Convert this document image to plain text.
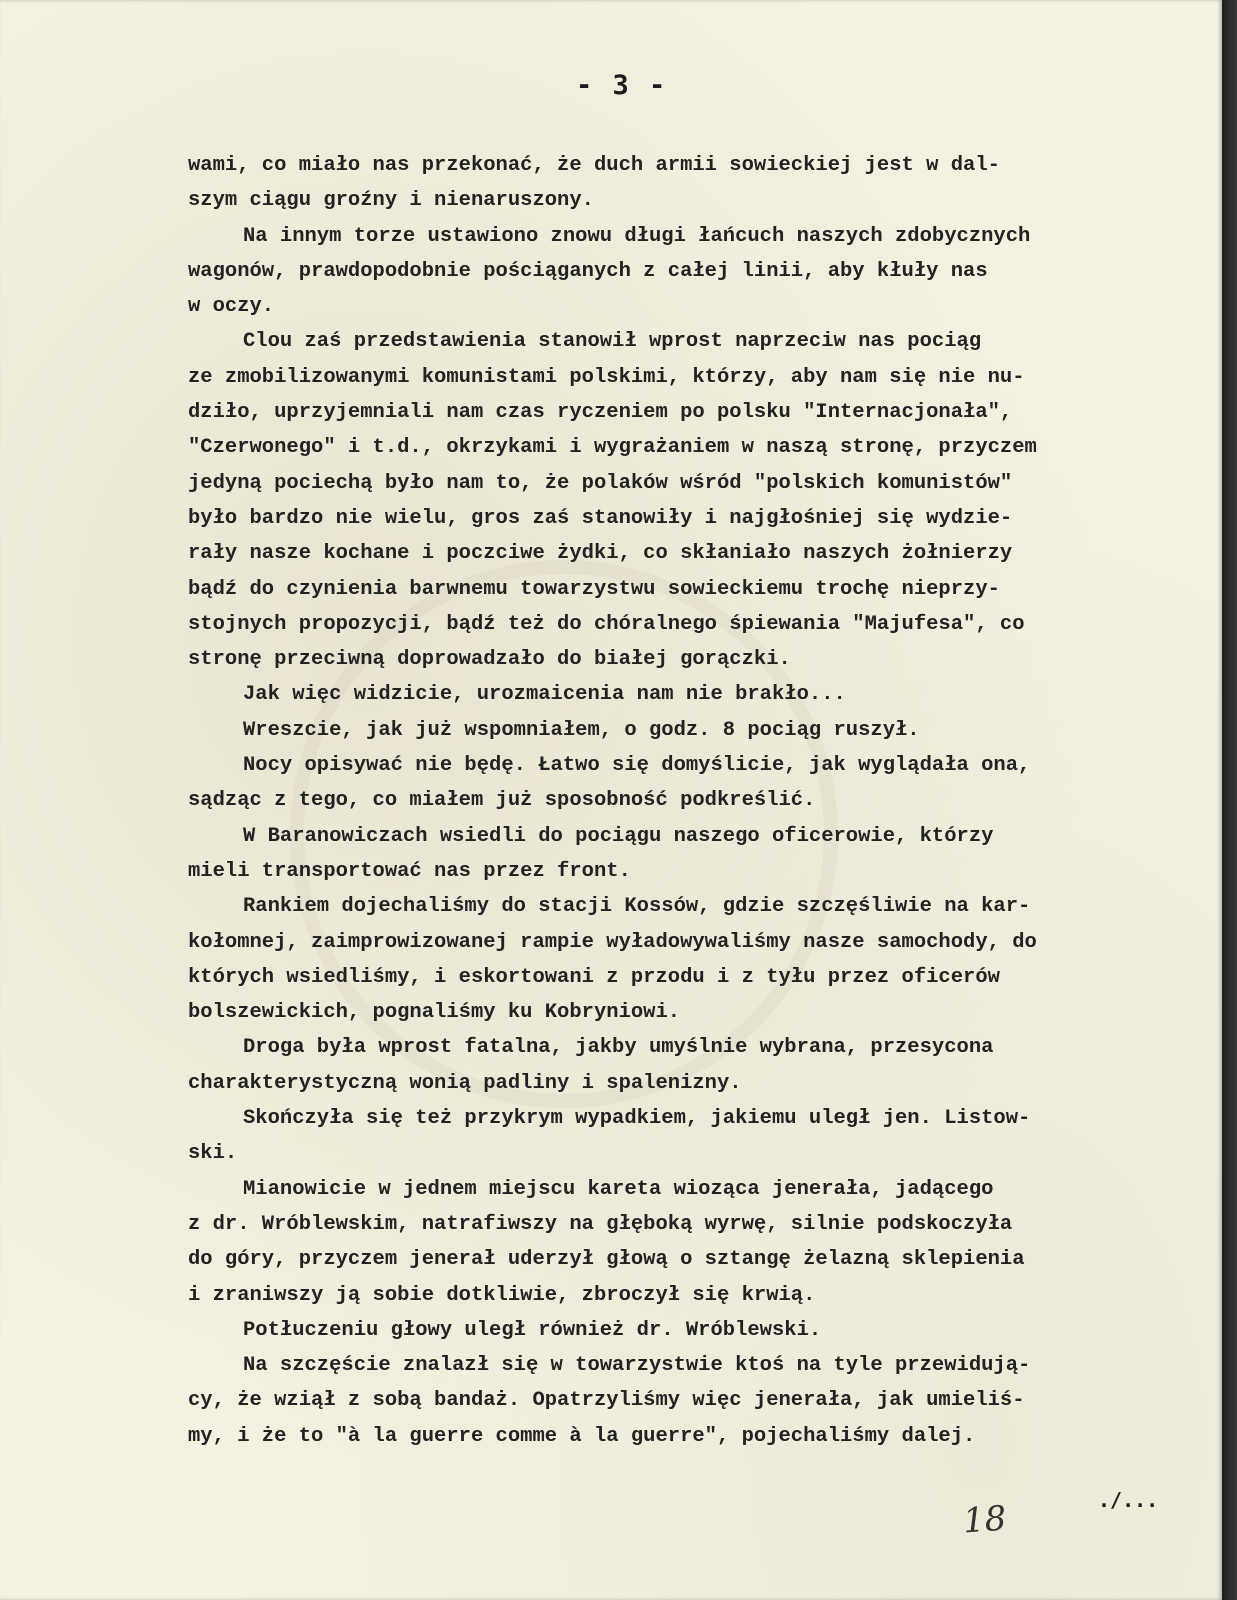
- 3 -
wami, co miało nas przekonać, że duch armii sowieckiej jest w dal-
szym ciągu groźny i nienaruszony.
Na innym torze ustawiono znowu długi łańcuch naszych zdobycznych
wagonów, prawdopodobnie pościąganych z całej linii, aby kłuły nas
w oczy.
Clou zaś przedstawienia stanowił wprost naprzeciw nas pociąg
ze zmobilizowanymi komunistami polskimi, którzy, aby nam się nie nu-
dziło, uprzyjemniali nam czas ryczeniem po polsku "Internacjonała",
"Czerwonego" i t.d., okrzykami i wygrażaniem w naszą stronę, przyczem
jedyną pociechą było nam to, że polaków wśród "polskich komunistów"
było bardzo nie wielu, gros zaś stanowiły i najgłośniej się wydzie-
rały nasze kochane i poczciwe żydki, co skłaniało naszych żołnierzy
bądź do czynienia barwnemu towarzystwu sowieckiemu trochę nieprzy-
stojnych propozycji, bądź też do chóralnego śpiewania "Majufesa", co
stronę przeciwną doprowadzało do białej gorączki.
Jak więc widzicie, urozmaicenia nam nie brakło...
Wreszcie, jak już wspomniałem, o godz. 8 pociąg ruszył.
Nocy opisywać nie będę. Łatwo się domyślicie, jak wyglądała ona,
sądząc z tego, co miałem już sposobność podkreślić.
W Baranowiczach wsiedli do pociągu naszego oficerowie, którzy
mieli transportować nas przez front.
Rankiem dojechaliśmy do stacji Kossów, gdzie szczęśliwie na kar-
kołomnej, zaimprowizowanej rampie wyładowywaliśmy nasze samochody, do
których wsiedliśmy, i eskortowani z przodu i z tyłu przez oficerów
bolszewickich, pognaliśmy ku Kobryniowi.
Droga była wprost fatalna, jakby umyślnie wybrana, przesycona
charakterystyczną wonią padliny i spalenizny.
Skończyła się też przykrym wypadkiem, jakiemu uległ jen. Listow-
ski.
Mianowicie w jednem miejscu kareta wioząca jenerała, jadącego
z dr. Wróblewskim, natrafiwszy na głęboką wyrwę, silnie podskoczyła
do góry, przyczem jenerał uderzył głową o sztangę żelazną sklepienia
i zraniwszy ją sobie dotkliwie, zbroczył się krwią.
Potłuczeniu głowy uległ również dr. Wróblewski.
Na szczęście znalazł się w towarzystwie ktoś na tyle przewidują-
cy, że wziął z sobą bandaż. Opatrzyliśmy więc jenerała, jak umieliś-
my, i że to "à la guerre comme à la guerre", pojechaliśmy dalej.
./...
18
